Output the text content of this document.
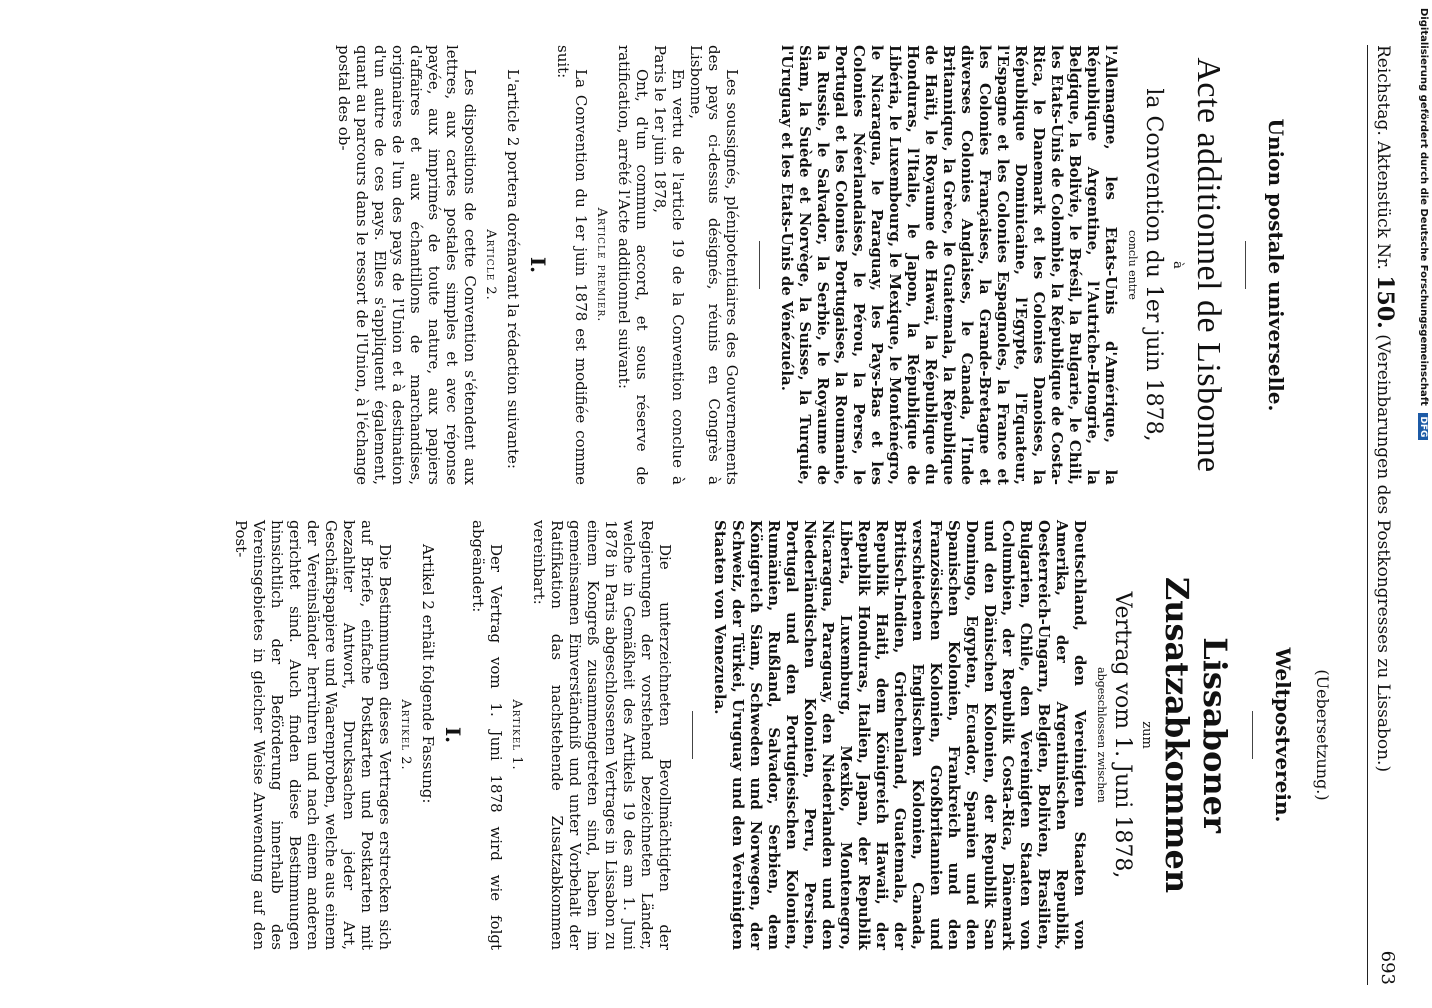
Reichstag. Aktenstück Nr. 150. (Vereinbarungen des Postkongresses zu Lissabon.)
693
Union postale universelle.
Acte additionnel de Lisbonne
à
la Convention du 1er juin 1878,
conclu entre

l'Allemagne, les Etats-Unis d'Amérique, la République Argentine, l'Autriche-Hongrie, la Belgique, la Bolivie, le Brésil, la Bulgarie, le Chili, les Etats-Unis de Colombie, la République de Costa-Rica, le Danemark et les Colonies Danoises, la République Dominicaine, l'Egypte, l'Equateur, l'Espagne et les Colonies Espagnoles, la France et les Colonies Françaises, la Grande-Bretagne et diverses Colonies Anglaises, le Canada, l'Inde Britannique, la Grèce, le Guatemala, la République de Haïti, le Royaume de Hawaï, la République du Honduras, l'Italie, le Japon, la République de Libéria, le Luxembourg, le Mexique, le Monténégro, le Nicaragua, le Paraguay, les Pays-Bas et les Colonies Néerlandaises, le Pérou, la Perse, le Portugal et les Colonies Portugaises, la Roumanie, la Russie, le Salvador, la Serbie, le Royaume de Siam, la Suède et Norvège, la Suisse, la Turquie, l'Uruguay et les Etats-Unis de Vénézuéla.

Les soussignés, plénipotentiaires des Gouvernements des pays ci-dessus désignés, réunis en Congrès à Lisbonne,

En vertu de l'article 19 de la Convention conclue à Paris le 1er juin 1878,

Ont, d'un commun accord, et sous réserve de ratification, arrêté l'Acte additionnel suivant:

Article premier.

La Convention du 1er juin 1878 est modifiée comme suit:

I.

L'article 2 portera dorénavant la rédaction suivante:

Article 2.

Les dispositions de cette Convention s'étendent aux lettres, aux cartes postales simples et avec réponse payée, aux imprimés de toute nature, aux papiers d'affaires et aux échantillons de marchandises, originaires de l'un des pays de l'Union et à destination d'un autre de ces pays. Elles s'appliquent également, quant au parcours dans le ressort de l'Union, à l'échange postal des ob-

(Uebersetzung.)
Weltpostverein.
Lissaboner Zusatzabkommen
zum
Vertrag vom 1. Juni 1878,
abgeschlossen zwischen

Deutschland, den Vereinigten Staaten von Amerika, der Argentinischen Republik, Oesterreich-Ungarn, Belgien, Bolivien, Brasilien, Bulgarien, Chile, den Vereinigten Staaten von Columbien, der Republik Costa-Rica, Dänemark und den Dänischen Kolonien, der Republik San Domingo, Egypten, Ecuador, Spanien und den Spanischen Kolonien, Frankreich und den Französischen Kolonien, Großbritannien und verschiedenen Englischen Kolonien, Canada, Britisch-Indien, Griechenland, Guatemala, der Republik Haiti, dem Königreich Hawaii, der Republik Honduras, Italien, Japan, der Republik Liberia, Luxemburg, Mexiko, Montenegro, Nicaragua, Paraguay, den Niederlanden und den Niederländischen Kolonien, Peru, Persien, Portugal und den Portugiesischen Kolonien, Rumänien, Rußland, Salvador, Serbien, dem Königreich Siam, Schweden und Norwegen, der Schweiz, der Türkei, Uruguay und den Vereinigten Staaten von Venezuela.

Die unterzeichneten Bevollmächtigten der Regierungen der vorstehend bezeichneten Länder, welche in Gemäßheit des Artikels 19 des am 1. Juni 1878 in Paris abgeschlossenen Vertrages in Lissabon zu einem Kongreß zusammengetreten sind, haben im gemeinsamen Einverständniß und unter Vorbehalt der Ratifikation das nachstehende Zusatzabkommen vereinbart:

Artikel 1.

Der Vertrag vom 1. Juni 1878 wird wie folgt abgeändert:

I.

Artikel 2 erhält folgende Fassung:

Artikel 2.

Die Bestimmungen dieses Vertrages erstrecken sich auf Briefe, einfache Postkarten und Postkarten mit bezahlter Antwort, Drucksachen jeder Art, Geschäftspapiere und Waarenproben, welche aus einem der Vereinsländer herrühren und nach einem anderen gerichtet sind. Auch finden diese Bestimmungen hinsichtlich der Beförderung innerhalb des Vereinsgebietes in gleicher Weise Anwendung auf den Post-

Digitalisierung gefördert durch die Deutsche Forschungsgemeinschaft DFG
